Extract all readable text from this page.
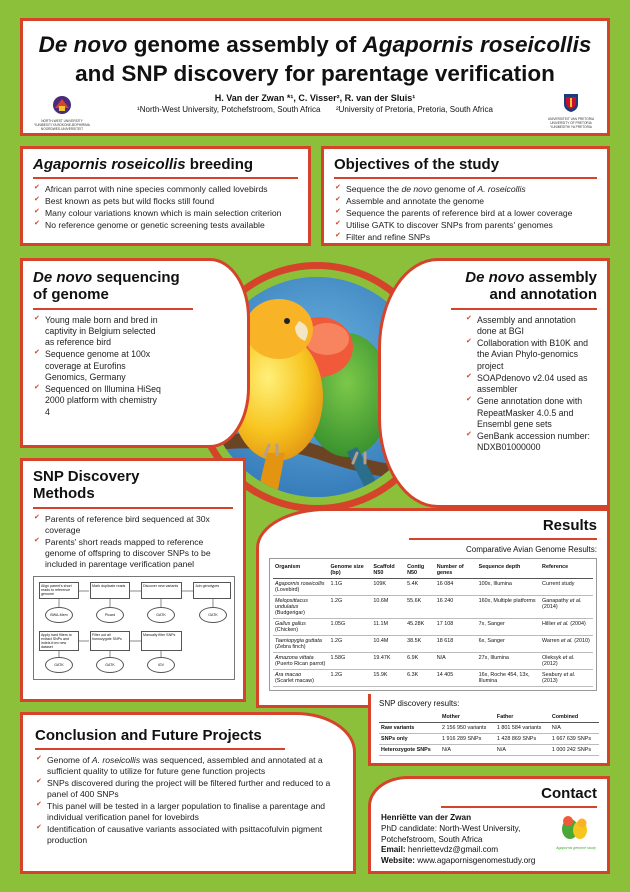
De novo genome assembly of Agapornis roseicollis
and SNP discovery for parentage verification
H. Van der Zwan *¹, C. Visser², R. van der Sluis¹
¹North-West University, Potchefstroom, South Africa ²University of Pretoria, Pretoria, South Africa
NORTH-WEST UNIVERSITY YUNIBESITI YA BOKONE-BOPHIRIMA NOORDWES-UNIVERSITEIT
UNIVERSITEIT VAN PRETORIA UNIVERSITY OF PRETORIA YUNIBESITHI YA PRETORIA
Agapornis roseicollis breeding
✔ African parrot with nine species commonly called lovebirds
✔ Best known as pets but wild flocks still found
✔ Many colour variations known which is main selection criterion
✔ No reference genome or genetic screening tests available
Objectives of the study
✔ Sequence the de novo genome of A. roseicollis
✔ Assemble and annotate the genome
✔ Sequence the parents of reference bird at a lower coverage
✔ Utilise GATK to discover SNPs from parents' genomes
✔ Filter and refine SNPs
De novo sequencing
of genome
✔ Young male born and bred in captivity in Belgium selected as reference bird
✔ Sequence genome at 100x coverage at Eurofins Genomics, Germany
✔ Sequenced on Illumina HiSeq 2000 platform with chemistry 4
De novo assembly
and annotation
✔ Assembly and annotation done at BGI
✔ Collaboration with B10K and the Avian Phylo-genomics project
✔ SOAPdenovo v2.04 used as assembler
✔ Gene annotation done with RepeatMasker 4.0.5 and Ensembl gene sets
✔ GenBank accession number: NDXB01000000
SNP Discovery
Methods
✔ Parents of reference bird sequenced at 30x coverage
✔ Parents' short reads mapped to reference genome of offspring to discover SNPs to be included in parentage verification panel
Align parent's short reads to reference genome
Mark duplicate reads	Discover new variants	Join genotypes
BWA-Mem	Picard	GATK	GATK
Apply hard filters to extract SNPs and indels from new dataset
Filter out all homozygote SNPs
Manually filter SNPs
GATK	GATK	IGV
Results
Comparative Avian Genome Results:
Organism	Genome size (bp)	Scaffold N50	Contig N50	Number of genes	Sequence depth	Reference
Agapornis roseicollis
(Lovebird)	1.1G	109K	5.4K	16 084	100x, Illumina	Current study
Melopsittacus undulatus
(Budgerigar)	1.2G	10.6M	55.6K	16 240	160x, Multiple platforms	Ganapathy et al. (2014)
Gallus gallus
(Chicken)	1.05G	11.1M	45.28K	17 108	7x, Sanger	Hillier et al. (2004)
Taeniopygia guttata
(Zebra finch)	1.2G	10.4M	38.5K	18 618	6x, Sanger	Warren et al. (2010)
Amazona vittata
(Puerto Rican parrot)	1.58G	19.47K	6.9K	N/A	27x, Illumina	Oleksyk et al. (2012)
Ara macao
(Scarlet macaw)	1.2G	15.9K	6.3K	14 405	16x, Roche 454, 13x, Illumina	Seabury et al. (2013)
SNP discovery results:
	Mother	Father	Combined
Raw variants	2 156 950 variants	1 801 584 variants	N/A
SNPs only	1 916 289 SNPs	1 428 869 SNPs	1 667 639 SNPs
Heterozygote SNPs	N/A	N/A	1 000 242 SNPs
Conclusion and Future Projects
✔ Genome of A. roseicollis was sequenced, assembled and annotated at a sufficient quality to utilize for future gene function projects
✔ SNPs discovered during the project will be filtered further and reduced to a panel of 400 SNPs
✔ This panel will be tested in a larger population to finalise a parentage and individual verification panel for lovebirds
✔ Identification of causative variants associated with psittacofulvin pigment production
Contact
Henriëtte van der Zwan
PhD candidate: North-West University,
Potchefstroom, South Africa
Email: henriettevdz@gmail.com
Website: www.agapornisgenomestudy.org
Agapornis genome study
